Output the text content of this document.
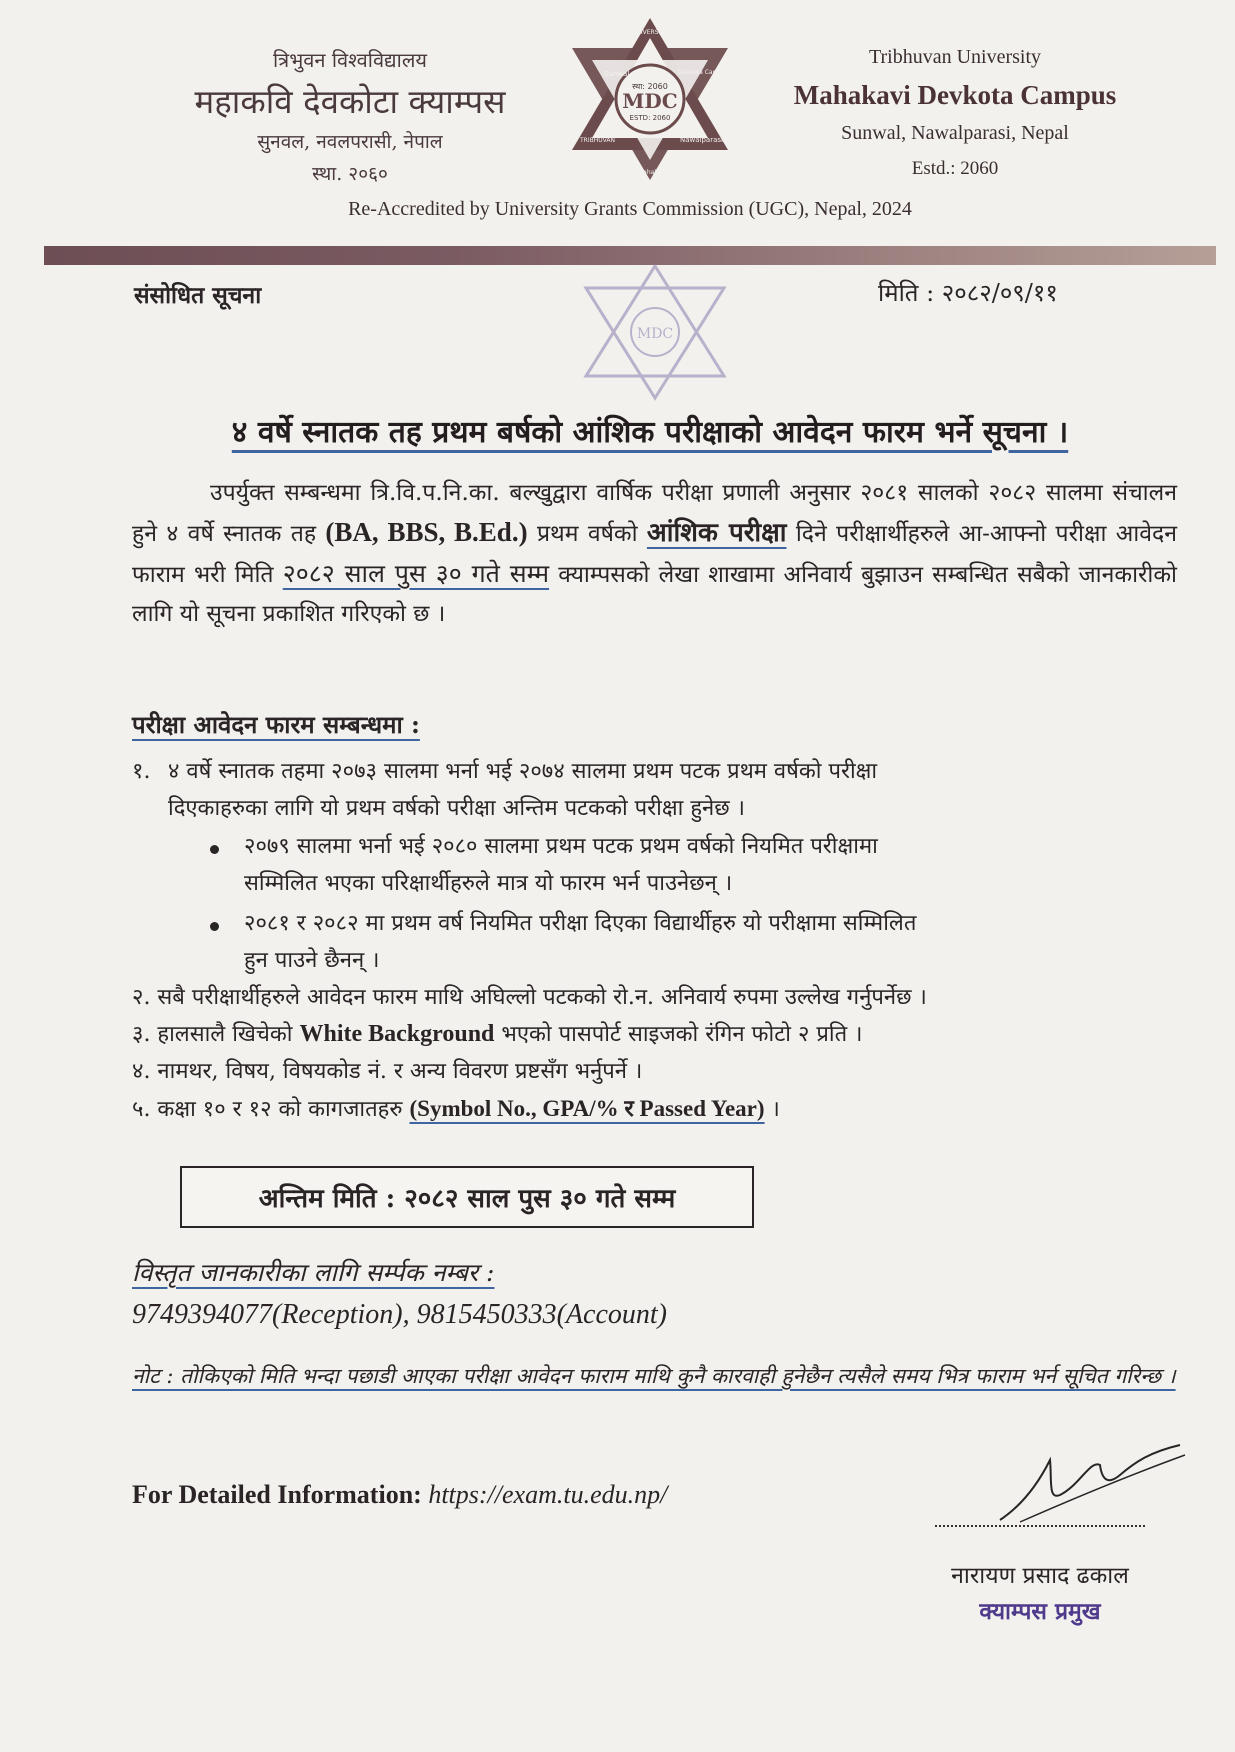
त्रिभुवन विश्वविद्यालय
महाकवि देवकोटा क्याम्पस
सुनवल, नवलपरासी, नेपाल
स्था. २०६०
स्था: 2060
MDC
ESTD: 2060
Sunwal
TRIBHUVAN
UNIVERSITY
Devkota Campus
Nawalparasi
Mahakavi
Tribhuvan University
Mahakavi Devkota Campus
Sunwal, Nawalparasi, Nepal
Estd.: 2060
Re-Accredited by University Grants Commission (UGC), Nepal, 2024
संसोधित सूचना	मिति : २०८२/०९/११
MDC
४ वर्षे स्नातक तह प्रथम बर्षको आंशिक परीक्षाको आवेदन फारम भर्ने सूचना ।
उपर्युक्त सम्बन्धमा त्रि.वि.प.नि.का. बल्खुद्वारा वार्षिक परीक्षा प्रणाली अनुसार २०८१ सालको २०८२ सालमा संचालन हुने ४ वर्षे स्नातक तह (BA, BBS, B.Ed.) प्रथम वर्षको आंशिक परीक्षा दिने परीक्षार्थीहरुले आ-आफ्नो परीक्षा आवेदन फाराम भरी मिति २०८२ साल पुस ३० गते सम्म क्याम्पसको लेखा शाखामा अनिवार्य बुझाउन सम्बन्धित सबैको जानकारीको लागि यो सूचना प्रकाशित गरिएको छ ।
परीक्षा आवेदन फारम सम्बन्धमा :
१. ४ वर्षे स्नातक तहमा २०७३ सालमा भर्ना भई २०७४ सालमा प्रथम पटक प्रथम वर्षको परीक्षा
दिएकाहरुका लागि यो प्रथम वर्षको परीक्षा अन्तिम पटकको परीक्षा हुनेछ ।
२०७९ सालमा भर्ना भई २०८० सालमा प्रथम पटक प्रथम वर्षको नियमित परीक्षामा
सम्मिलित भएका परिक्षार्थीहरुले मात्र यो फारम भर्न पाउनेछन् ।
२०८१ र २०८२ मा प्रथम वर्ष नियमित परीक्षा दिएका विद्यार्थीहरु यो परीक्षामा सम्मिलित
हुन पाउने छैनन् ।
२. सबै परीक्षार्थीहरुले आवेदन फारम माथि अघिल्लो पटकको रो.न. अनिवार्य रुपमा उल्लेख गर्नुपर्नेछ ।
३. हालसालै खिचेको White Background भएको पासपोर्ट साइजको रंगिन फोटो २ प्रति ।
४. नामथर, विषय, विषयकोड नं. र अन्य विवरण प्रष्टसँग भर्नुपर्ने ।
५. कक्षा १० र १२ को कागजातहरु (Symbol No., GPA/% र Passed Year) ।
अन्तिम मिति : २०८२ साल पुस ३० गते सम्म
विस्तृत जानकारीका लागि सर्म्पक नम्बर :
9749394077(Reception), 9815450333(Account)
नोट : तोकिएको मिति भन्दा पछाडी आएका परीक्षा आवेदन फाराम माथि कुनै कारवाही हुनेछैन त्यसैले समय भित्र फाराम भर्न सूचित गरिन्छ ।
For Detailed Information: https://exam.tu.edu.np/
नारायण प्रसाद ढकाल
क्याम्पस प्रमुख
